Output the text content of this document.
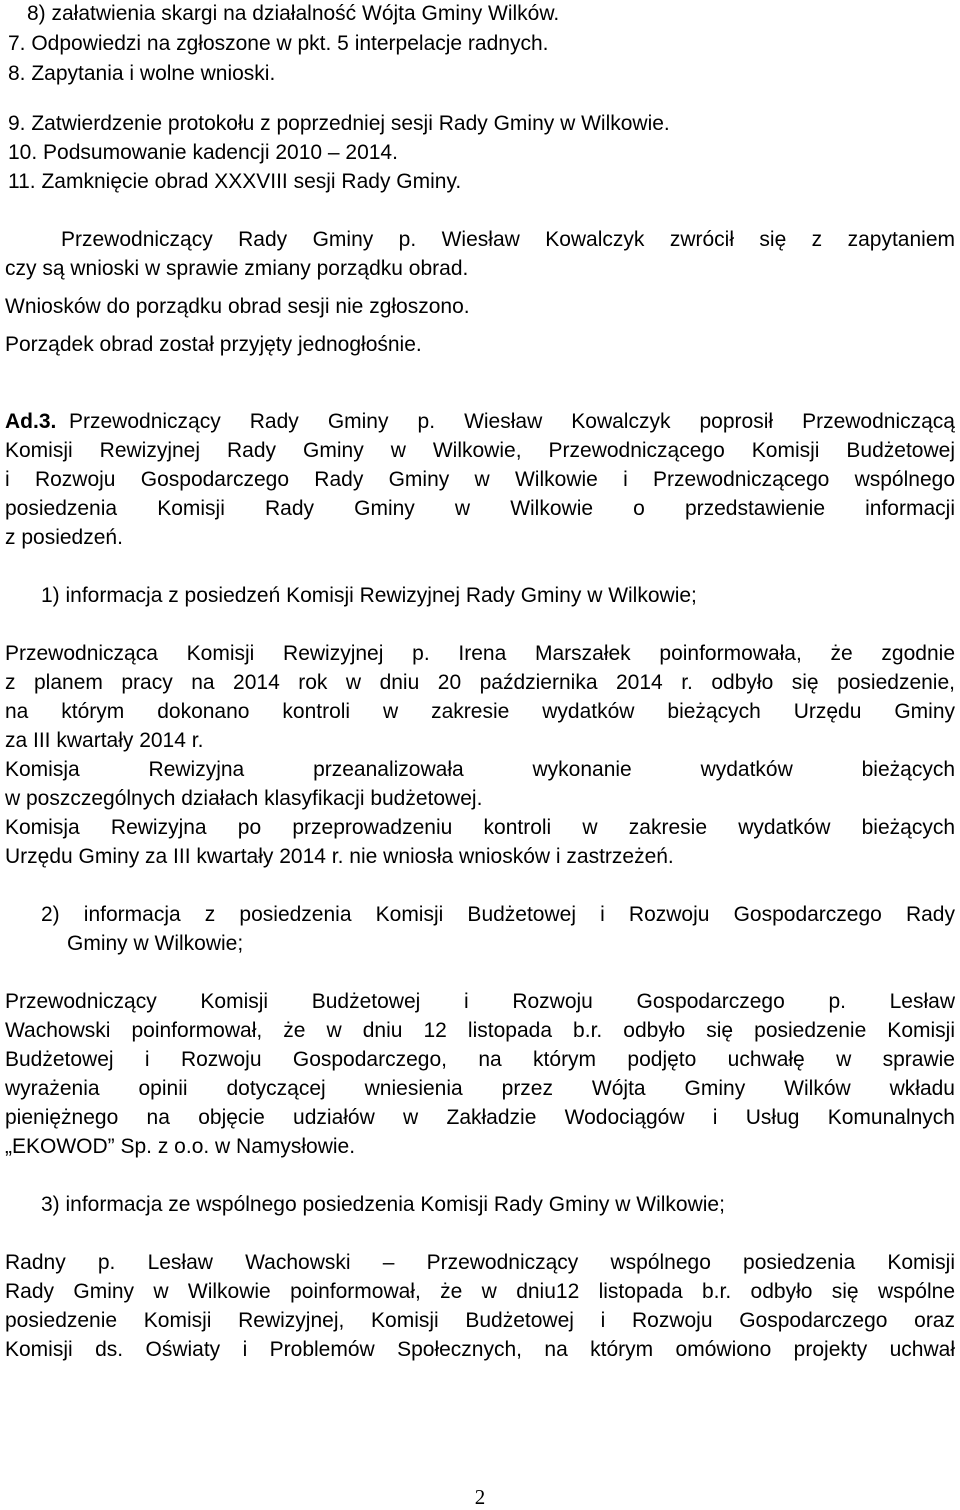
8) załatwienia skargi na działalność Wójta Gminy Wilków.
7. Odpowiedzi na zgłoszone w pkt. 5 interpelacje radnych.
8. Zapytania i wolne wnioski.
9. Zatwierdzenie protokołu z poprzedniej sesji Rady Gminy w Wilkowie.
10. Podsumowanie kadencji 2010 – 2014.
11. Zamknięcie obrad XXXVIII sesji Rady Gminy.
Przewodniczący Rady Gminy p. Wiesław Kowalczyk zwrócił się z zapytaniem
czy są wnioski w sprawie zmiany porządku obrad.
Wniosków do porządku obrad sesji nie zgłoszono.
Porządek obrad został przyjęty jednogłośnie.
Ad.3. Przewodniczący Rady Gminy p. Wiesław Kowalczyk poprosił Przewodniczącą
Komisji Rewizyjnej Rady Gminy w Wilkowie, Przewodniczącego Komisji Budżetowej
i Rozwoju Gospodarczego Rady Gminy w Wilkowie i Przewodniczącego wspólnego
posiedzenia Komisji Rady Gminy w Wilkowie o przedstawienie informacji
z posiedzeń.
1) informacja z posiedzeń Komisji Rewizyjnej Rady Gminy w Wilkowie;
Przewodnicząca Komisji Rewizyjnej p. Irena Marszałek poinformowała, że zgodnie
z planem pracy na 2014 rok w dniu 20 października 2014 r. odbyło się posiedzenie,
na którym dokonano kontroli w zakresie wydatków bieżących Urzędu Gminy
za III kwartały 2014 r.
Komisja Rewizyjna przeanalizowała wykonanie wydatków bieżących
w poszczególnych działach klasyfikacji budżetowej.
Komisja Rewizyjna po przeprowadzeniu kontroli w zakresie wydatków bieżących
Urzędu Gminy za III kwartały 2014 r. nie wniosła wniosków i zastrzeżeń.
2) informacja z posiedzenia Komisji Budżetowej i Rozwoju Gospodarczego Rady
Gminy w Wilkowie;
Przewodniczący Komisji Budżetowej i Rozwoju Gospodarczego p. Lesław
Wachowski poinformował, że w dniu 12 listopada b.r. odbyło się posiedzenie Komisji
Budżetowej i Rozwoju Gospodarczego, na którym podjęto uchwałę w sprawie
wyrażenia opinii dotyczącej wniesienia przez Wójta Gminy Wilków wkładu
pieniężnego na objęcie udziałów w Zakładzie Wodociągów i Usług Komunalnych
„EKOWOD” Sp. z o.o. w Namysłowie.
3) informacja ze wspólnego posiedzenia Komisji Rady Gminy w Wilkowie;
Radny p. Lesław Wachowski – Przewodniczący wspólnego posiedzenia Komisji
Rady Gminy w Wilkowie poinformował, że w dniu12 listopada b.r. odbyło się wspólne
posiedzenie Komisji Rewizyjnej, Komisji Budżetowej i Rozwoju Gospodarczego oraz
Komisji ds. Oświaty i Problemów Społecznych, na którym omówiono projekty uchwał
2
